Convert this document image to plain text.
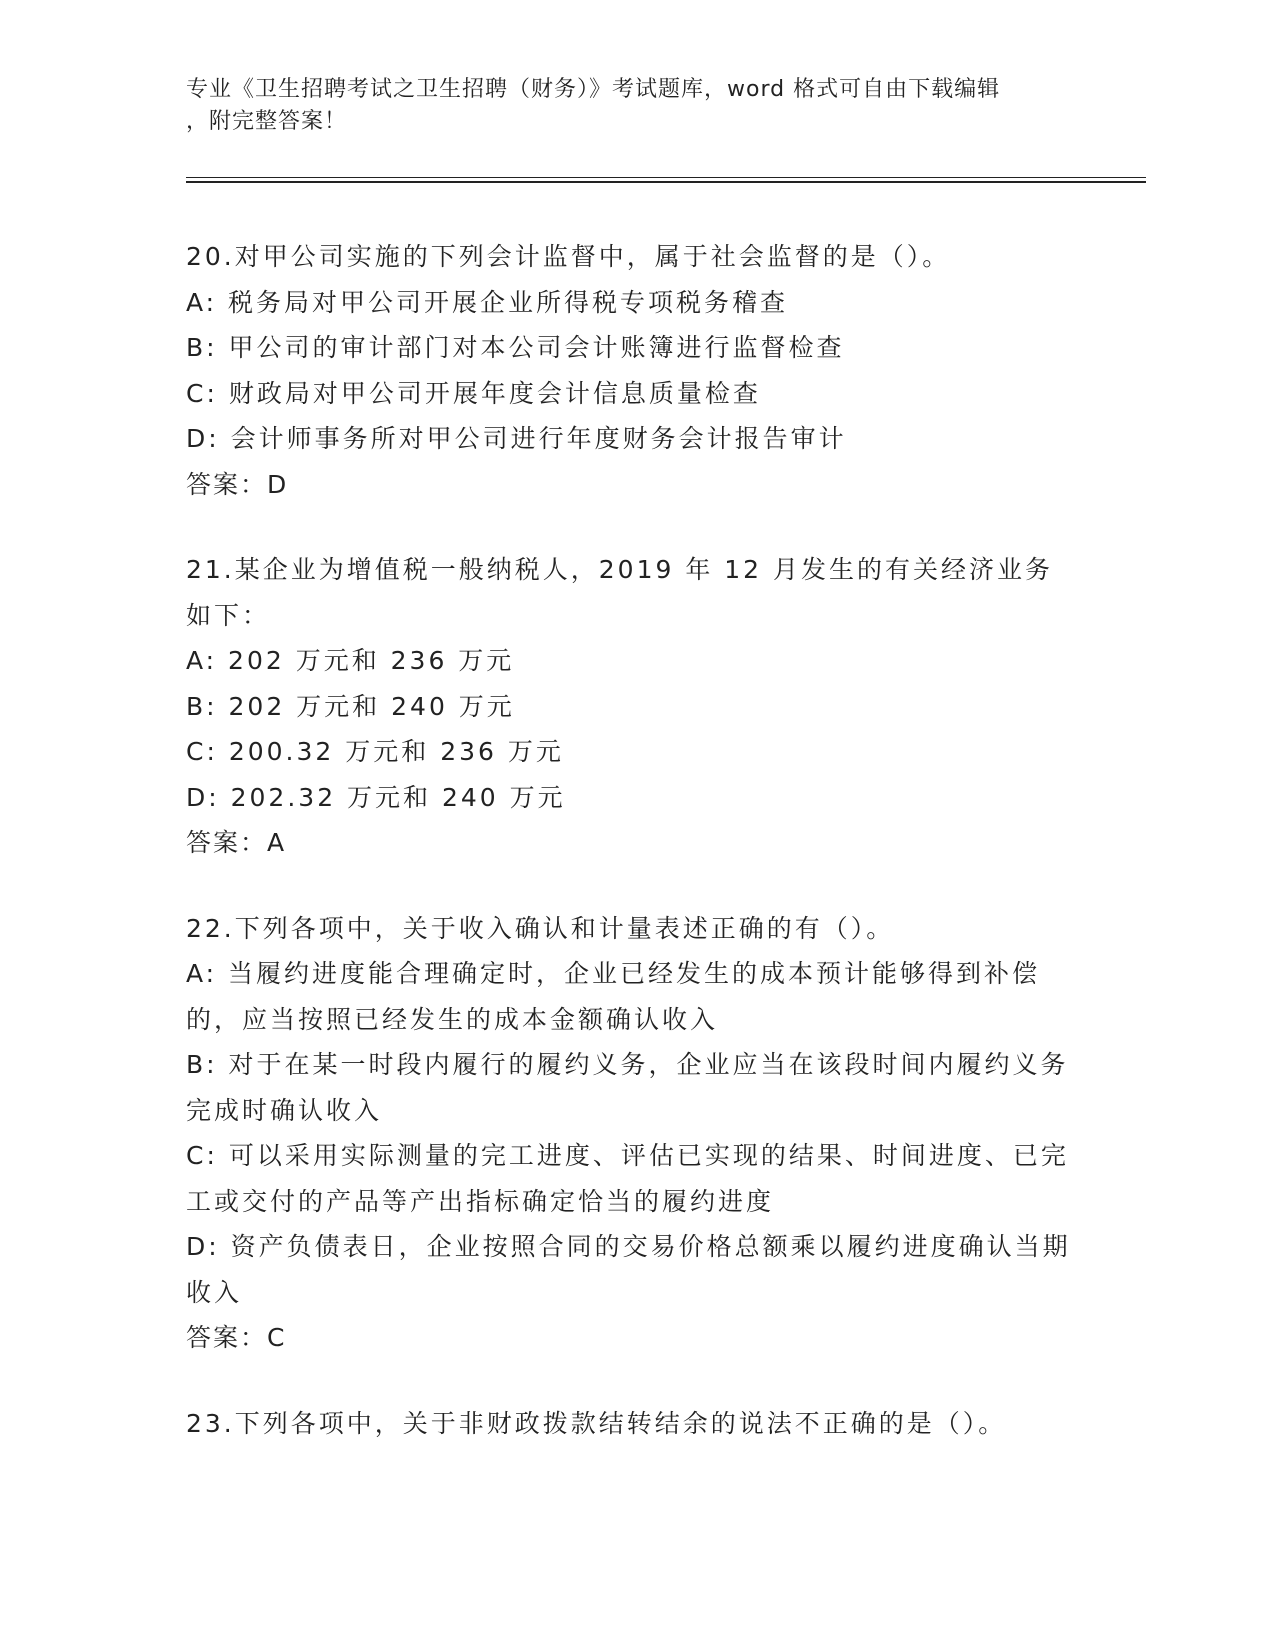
专业《卫生招聘考试之卫生招聘（财务）》考试题库，word 格式可自由下载编辑
，附完整答案！
20.对甲公司实施的下列会计监督中，属于社会监督的是（）。
A: 税务局对甲公司开展企业所得税专项税务稽查
B: 甲公司的审计部门对本公司会计账簿进行监督检查
C: 财政局对甲公司开展年度会计信息质量检查
D: 会计师事务所对甲公司进行年度财务会计报告审计
答案：D
21.某企业为增值税一般纳税人，2019 年 12 月发生的有关经济业务如下：
A: 202 万元和 236 万元
B: 202 万元和 240 万元
C: 200.32 万元和 236 万元
D: 202.32 万元和 240 万元
答案：A
22.下列各项中，关于收入确认和计量表述正确的有（）。
A: 当履约进度能合理确定时，企业已经发生的成本预计能够得到补偿的，应当按照已经发生的成本金额确认收入
B: 对于在某一时段内履行的履约义务，企业应当在该段时间内履约义务完成时确认收入
C: 可以采用实际测量的完工进度、评估已实现的结果、时间进度、已完工或交付的产品等产出指标确定恰当的履约进度
D: 资产负债表日，企业按照合同的交易价格总额乘以履约进度确认当期收入
答案：C
23.下列各项中，关于非财政拨款结转结余的说法不正确的是（）。
